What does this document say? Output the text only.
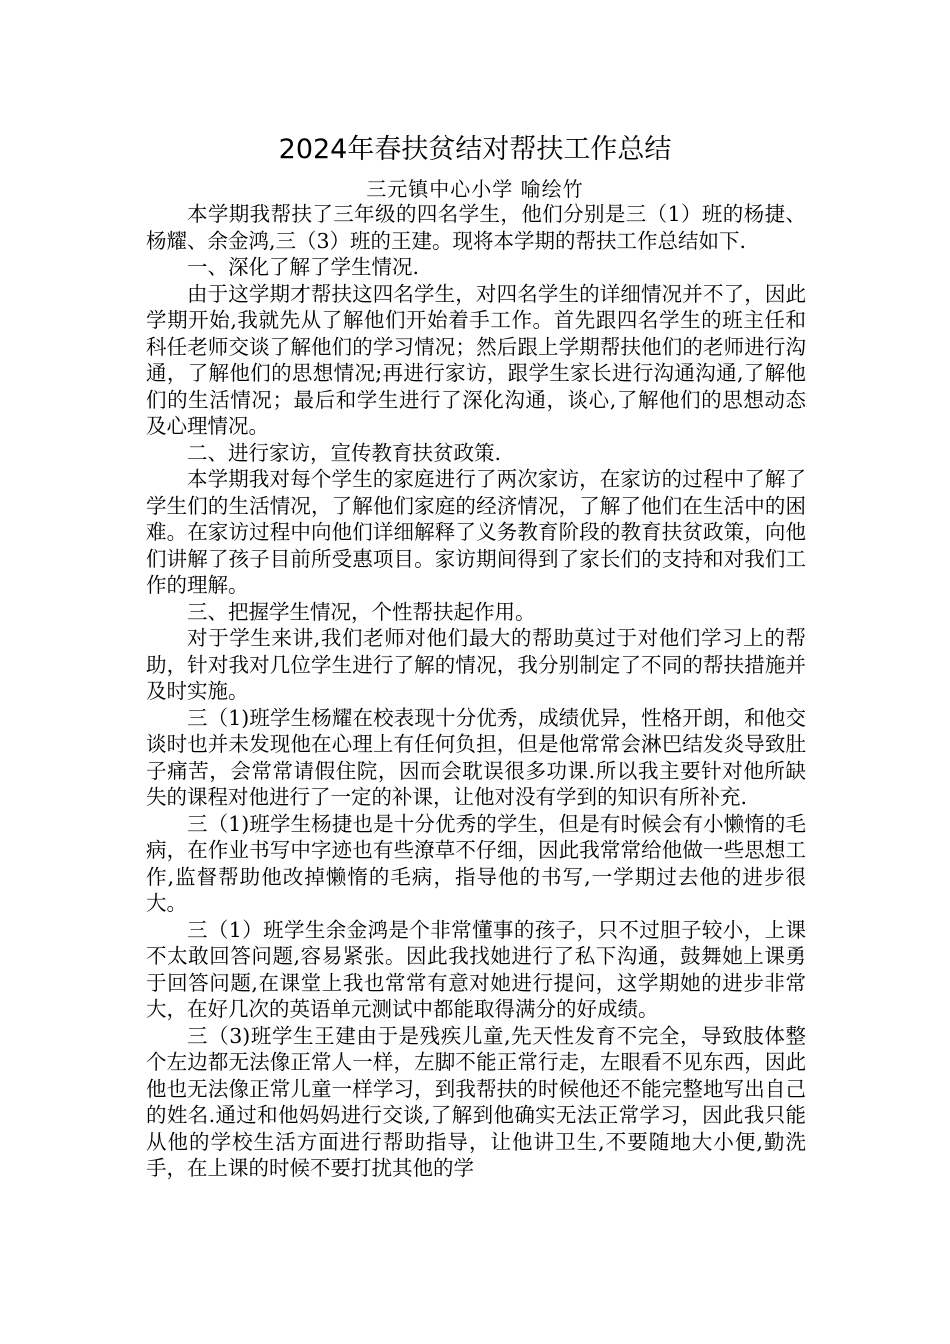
2024年春扶贫结对帮扶工作总结
三元镇中心小学 喻绘竹

本学期我帮扶了三年级的四名学生，他们分别是三（1）班的杨捷、杨耀、余金鸿,三（3）班的王建。现将本学期的帮扶工作总结如下.

一、深化了解了学生情况.

由于这学期才帮扶这四名学生，对四名学生的详细情况并不了，因此学期开始,我就先从了解他们开始着手工作。首先跟四名学生的班主任和科任老师交谈了解他们的学习情况；然后跟上学期帮扶他们的老师进行沟通，了解他们的思想情况;再进行家访，跟学生家长进行沟通沟通,了解他们的生活情况；最后和学生进行了深化沟通，谈心,了解他们的思想动态及心理情况。

二、进行家访，宣传教育扶贫政策.

本学期我对每个学生的家庭进行了两次家访，在家访的过程中了解了学生们的生活情况，了解他们家庭的经济情况，了解了他们在生活中的困难。在家访过程中向他们详细解释了义务教育阶段的教育扶贫政策，向他们讲解了孩子目前所受惠项目。家访期间得到了家长们的支持和对我们工作的理解。

三、把握学生情况，个性帮扶起作用。

对于学生来讲,我们老师对他们最大的帮助莫过于对他们学习上的帮助，针对我对几位学生进行了解的情况，我分别制定了不同的帮扶措施并及时实施。

三（1)班学生杨耀在校表现十分优秀，成绩优异，性格开朗，和他交谈时也并未发现他在心理上有任何负担，但是他常常会淋巴结发炎导致肚子痛苦，会常常请假住院，因而会耽误很多功课.所以我主要针对他所缺失的课程对他进行了一定的补课，让他对没有学到的知识有所补充.

三（1)班学生杨捷也是十分优秀的学生，但是有时候会有小懒惰的毛病，在作业书写中字迹也有些潦草不仔细，因此我常常给他做一些思想工作,监督帮助他改掉懒惰的毛病，指导他的书写,一学期过去他的进步很大。

三（1）班学生余金鸿是个非常懂事的孩子，只不过胆子较小，上课不太敢回答问题,容易紧张。因此我找她进行了私下沟通，鼓舞她上课勇于回答问题,在课堂上我也常常有意对她进行提问，这学期她的进步非常大，在好几次的英语单元测试中都能取得满分的好成绩。

三（3)班学生王建由于是残疾儿童,先天性发育不完全，导致肢体整个左边都无法像正常人一样，左脚不能正常行走，左眼看不见东西，因此他也无法像正常儿童一样学习，到我帮扶的时候他还不能完整地写出自己的姓名.通过和他妈妈进行交谈,了解到他确实无法正常学习，因此我只能从他的学校生活方面进行帮助指导，让他讲卫生,不要随地大小便,勤洗手，在上课的时候不要打扰其他的学
